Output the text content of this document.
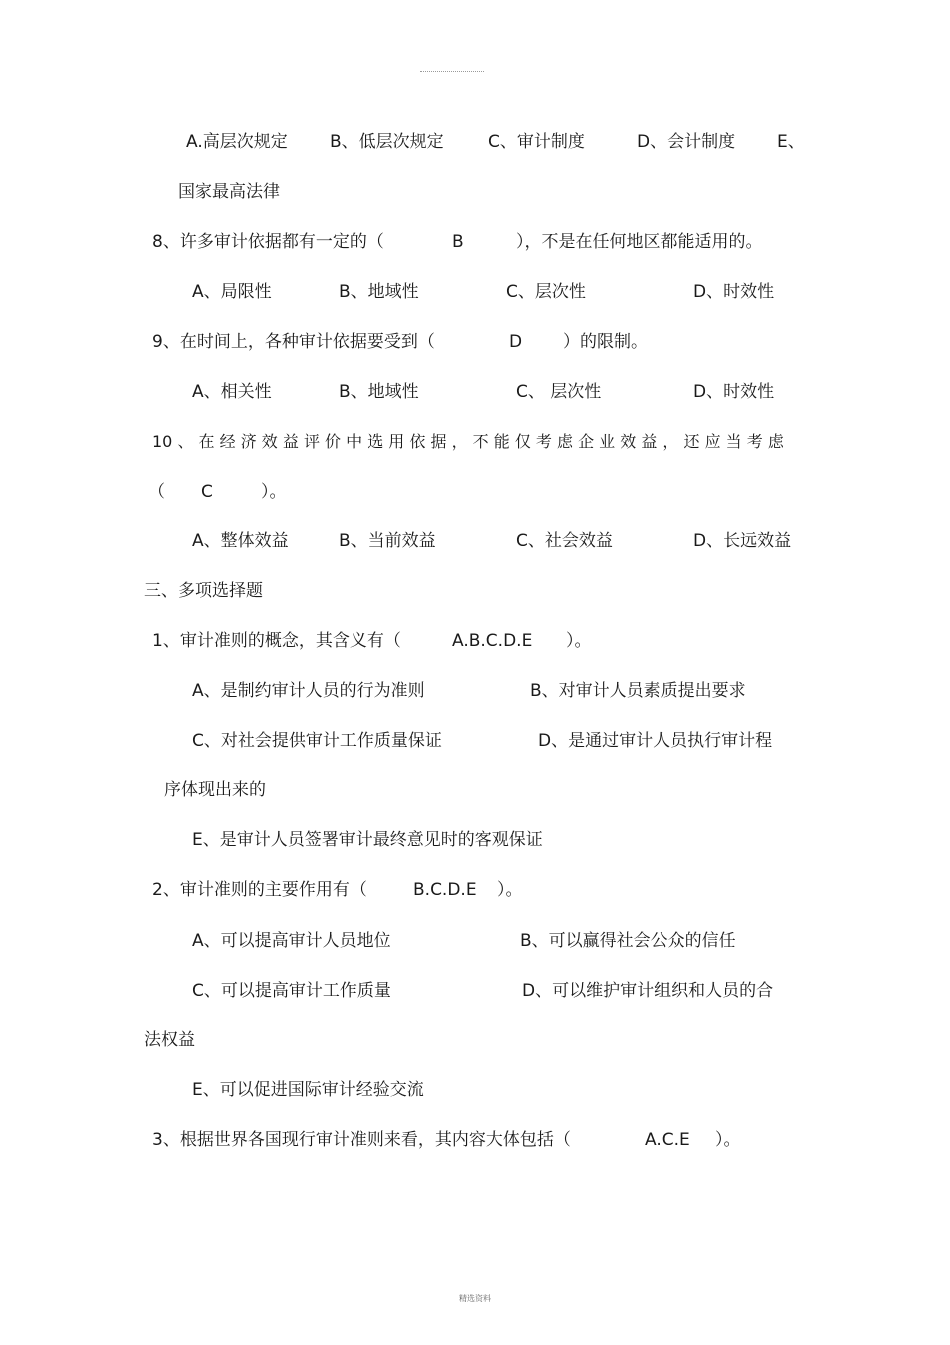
A.高层次规定 B、低层次规定	C、审计制度	D、会计制度 E、
国家最高法律
8、许多审计依据都有一定的（	B	），不是在任何地区都能适用的。
A、局限性	B、地域性	C、层次性	D、时效性
9、在时间上，各种审计依据要受到（	D ）的限制。
A、相关性	B、地域性	C、 层次性	D、时效性
10 、 在 经 济 效 益 评 价 中 选 用 依 据 ， 不 能 仅 考 虑 企 业 效 益 ， 还 应 当 考 虑
（ C	）。
A、整体效益	B、当前效益	C、社会效益	D、长远效益
三、多项选择题
1、审计准则的概念，其含义有（	A.B.C.D.E ）。
A、是制约审计人员的行为准则	B、对审计人员素质提出要求
C、对社会提供审计工作质量保证	D、是通过审计人员执行审计程
序体现出来的
E、是审计人员签署审计最终意见时的客观保证
2、审计准则的主要作用有（	B.C.D.E ）。
A、可以提高审计人员地位	B、可以赢得社会公众的信任
C、可以提高审计工作质量	D、可以维护审计组织和人员的合
法权益
E、可以促进国际审计经验交流
3、根据世界各国现行审计准则来看，其内容大体包括（	A.C.E ）。
精选资料
